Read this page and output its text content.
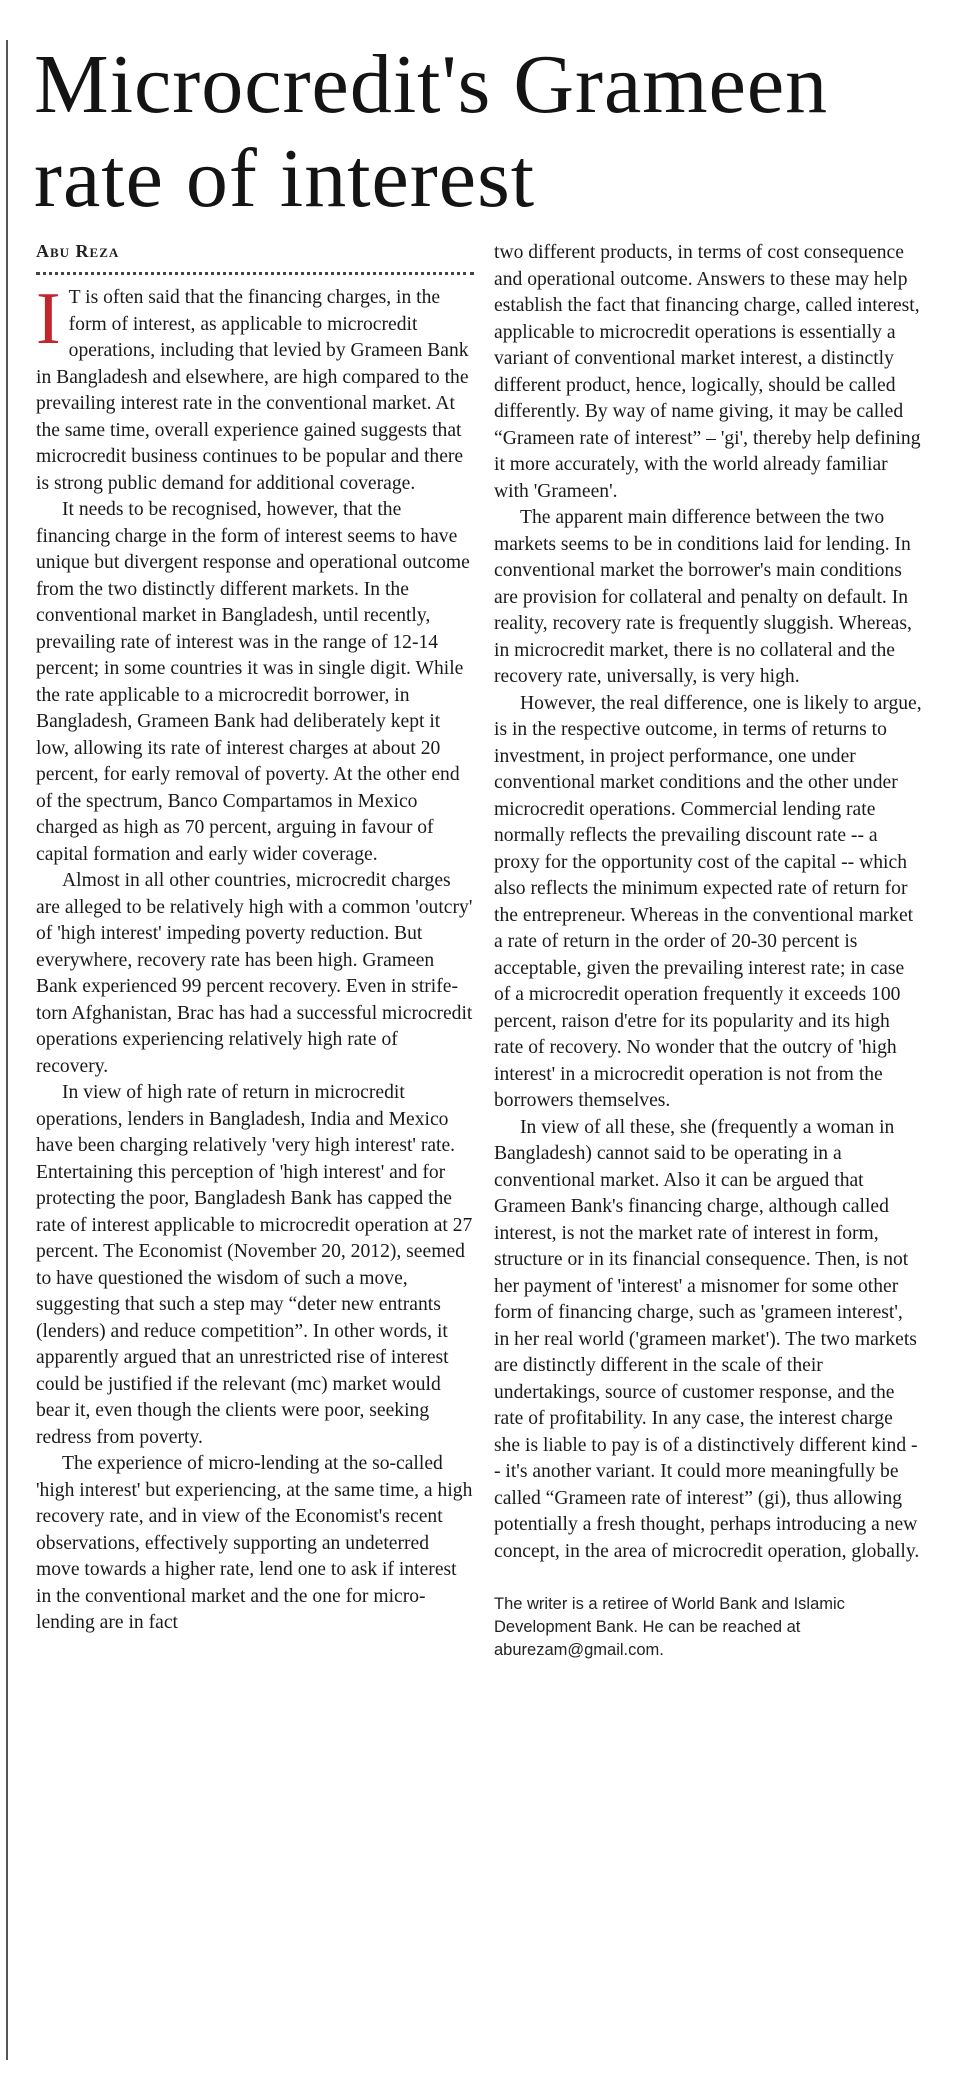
Microcredit's Grameen
rate of interest
Abu Reza

I T is often said that the financing charges, in the form of interest, as applicable to microcredit operations, including that levied by Grameen Bank in Bangladesh and elsewhere, are high compared to the prevailing interest rate in the conventional market. At the same time, overall experience gained suggests that microcredit business continues to be popular and there is strong public demand for additional coverage.

It needs to be recognised, however, that the financing charge in the form of interest seems to have unique but divergent response and operational outcome from the two distinctly different markets. In the conventional market in Bangladesh, until recently, prevailing rate of interest was in the range of 12-14 percent; in some countries it was in single digit. While the rate applicable to a microcredit borrower, in Bangladesh, Grameen Bank had deliberately kept it low, allowing its rate of interest charges at about 20 percent, for early removal of poverty. At the other end of the spectrum, Banco Compartamos in Mexico charged as high as 70 percent, arguing in favour of capital formation and early wider coverage.

Almost in all other countries, microcredit charges are alleged to be relatively high with a common 'outcry' of 'high interest' impeding poverty reduction. But everywhere, recovery rate has been high. Grameen Bank experienced 99 percent recovery. Even in strife-torn Afghanistan, Brac has had a successful microcredit operations experiencing relatively high rate of recovery.

In view of high rate of return in microcredit operations, lenders in Bangladesh, India and Mexico have been charging relatively 'very high interest' rate. Entertaining this perception of 'high interest' and for protecting the poor, Bangladesh Bank has capped the rate of interest applicable to microcredit operation at 27 percent. The Economist (November 20, 2012), seemed to have questioned the wisdom of such a move, suggesting that such a step may “deter new entrants (lenders) and reduce competition”. In other words, it apparently argued that an unrestricted rise of interest could be justified if the relevant (mc) market would bear it, even though the clients were poor, seeking redress from poverty.

The experience of micro-lending at the so-called 'high interest' but experiencing, at the same time, a high recovery rate, and in view of the Economist's recent observations, effectively supporting an undeterred move towards a higher rate, lend one to ask if interest in the conventional market and the one for micro-lending are in fact

two different products, in terms of cost consequence and operational outcome. Answers to these may help establish the fact that financing charge, called interest, applicable to microcredit operations is essentially a variant of conventional market interest, a distinctly different product, hence, logically, should be called differently. By way of name giving, it may be called “Grameen rate of interest” – 'gi', thereby help defining it more accurately, with the world already familiar with 'Grameen'.

The apparent main difference between the two markets seems to be in conditions laid for lending. In conventional market the borrower's main conditions are provision for collateral and penalty on default. In reality, recovery rate is frequently sluggish. Whereas, in microcredit market, there is no collateral and the recovery rate, universally, is very high.

However, the real difference, one is likely to argue, is in the respective outcome, in terms of returns to investment, in project performance, one under conventional market conditions and the other under microcredit operations. Commercial lending rate normally reflects the prevailing discount rate -- a proxy for the opportunity cost of the capital -- which also reflects the minimum expected rate of return for the entrepreneur. Whereas in the conventional market a rate of return in the order of 20-30 percent is acceptable, given the prevailing interest rate; in case of a microcredit operation frequently it exceeds 100 percent, raison d'etre for its popularity and its high rate of recovery. No wonder that the outcry of 'high interest' in a microcredit operation is not from the borrowers themselves.

In view of all these, she (frequently a woman in Bangladesh) cannot said to be operating in a conventional market. Also it can be argued that Grameen Bank's financing charge, although called interest, is not the market rate of interest in form, structure or in its financial consequence. Then, is not her payment of 'interest' a misnomer for some other form of financing charge, such as 'grameen interest', in her real world ('grameen market'). The two markets are distinctly different in the scale of their undertakings, source of customer response, and the rate of profitability. In any case, the interest charge she is liable to pay is of a distinctively different kind -- it's another variant. It could more meaningfully be called “Grameen rate of interest” (gi), thus allowing potentially a fresh thought, perhaps introducing a new concept, in the area of microcredit operation, globally.

The writer is a retiree of World Bank and Islamic Development Bank. He can be reached at aburezam@gmail.com.
